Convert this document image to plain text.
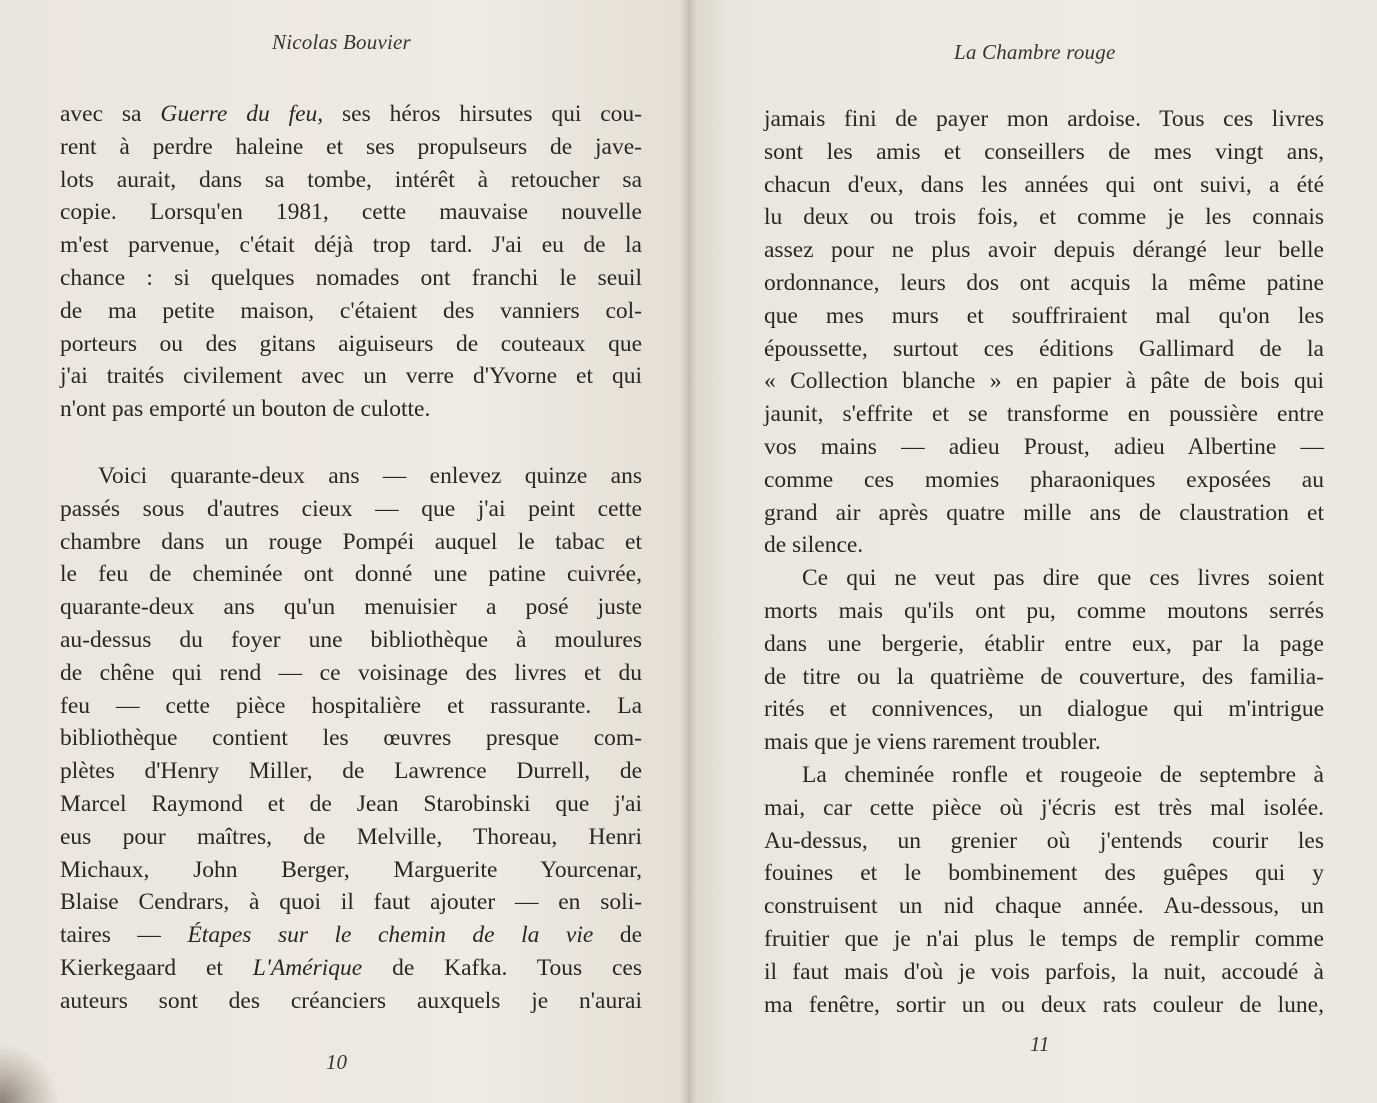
Nicolas Bouvier
avec sa Guerre du feu, ses héros hirsutes qui cou-
rent à perdre haleine et ses propulseurs de jave-
lots aurait, dans sa tombe, intérêt à retoucher sa
copie. Lorsqu'en 1981, cette mauvaise nouvelle
m'est parvenue, c'était déjà trop tard. J'ai eu de la
chance : si quelques nomades ont franchi le seuil
de ma petite maison, c'étaient des vanniers col-
porteurs ou des gitans aiguiseurs de couteaux que
j'ai traités civilement avec un verre d'Yvorne et qui
n'ont pas emporté un bouton de culotte.
Voici quarante-deux ans — enlevez quinze ans
passés sous d'autres cieux — que j'ai peint cette
chambre dans un rouge Pompéi auquel le tabac et
le feu de cheminée ont donné une patine cuivrée,
quarante-deux ans qu'un menuisier a posé juste
au-dessus du foyer une bibliothèque à moulures
de chêne qui rend — ce voisinage des livres et du
feu — cette pièce hospitalière et rassurante. La
bibliothèque contient les œuvres presque com-
plètes d'Henry Miller, de Lawrence Durrell, de
Marcel Raymond et de Jean Starobinski que j'ai
eus pour maîtres, de Melville, Thoreau, Henri
Michaux, John Berger, Marguerite Yourcenar,
Blaise Cendrars, à quoi il faut ajouter — en soli-
taires — Étapes sur le chemin de la vie de
Kierkegaard et L'Amérique de Kafka. Tous ces
auteurs sont des créanciers auxquels je n'aurai
10
La Chambre rouge
jamais fini de payer mon ardoise. Tous ces livres
sont les amis et conseillers de mes vingt ans,
chacun d'eux, dans les années qui ont suivi, a été
lu deux ou trois fois, et comme je les connais
assez pour ne plus avoir depuis dérangé leur belle
ordonnance, leurs dos ont acquis la même patine
que mes murs et souffriraient mal qu'on les
époussette, surtout ces éditions Gallimard de la
« Collection blanche » en papier à pâte de bois qui
jaunit, s'effrite et se transforme en poussière entre
vos mains — adieu Proust, adieu Albertine —
comme ces momies pharaoniques exposées au
grand air après quatre mille ans de claustration et
de silence.
Ce qui ne veut pas dire que ces livres soient
morts mais qu'ils ont pu, comme moutons serrés
dans une bergerie, établir entre eux, par la page
de titre ou la quatrième de couverture, des familia-
rités et connivences, un dialogue qui m'intrigue
mais que je viens rarement troubler.
La cheminée ronfle et rougeoie de septembre à
mai, car cette pièce où j'écris est très mal isolée.
Au-dessus, un grenier où j'entends courir les
fouines et le bombinement des guêpes qui y
construisent un nid chaque année. Au-dessous, un
fruitier que je n'ai plus le temps de remplir comme
il faut mais d'où je vois parfois, la nuit, accoudé à
ma fenêtre, sortir un ou deux rats couleur de lune,
11
